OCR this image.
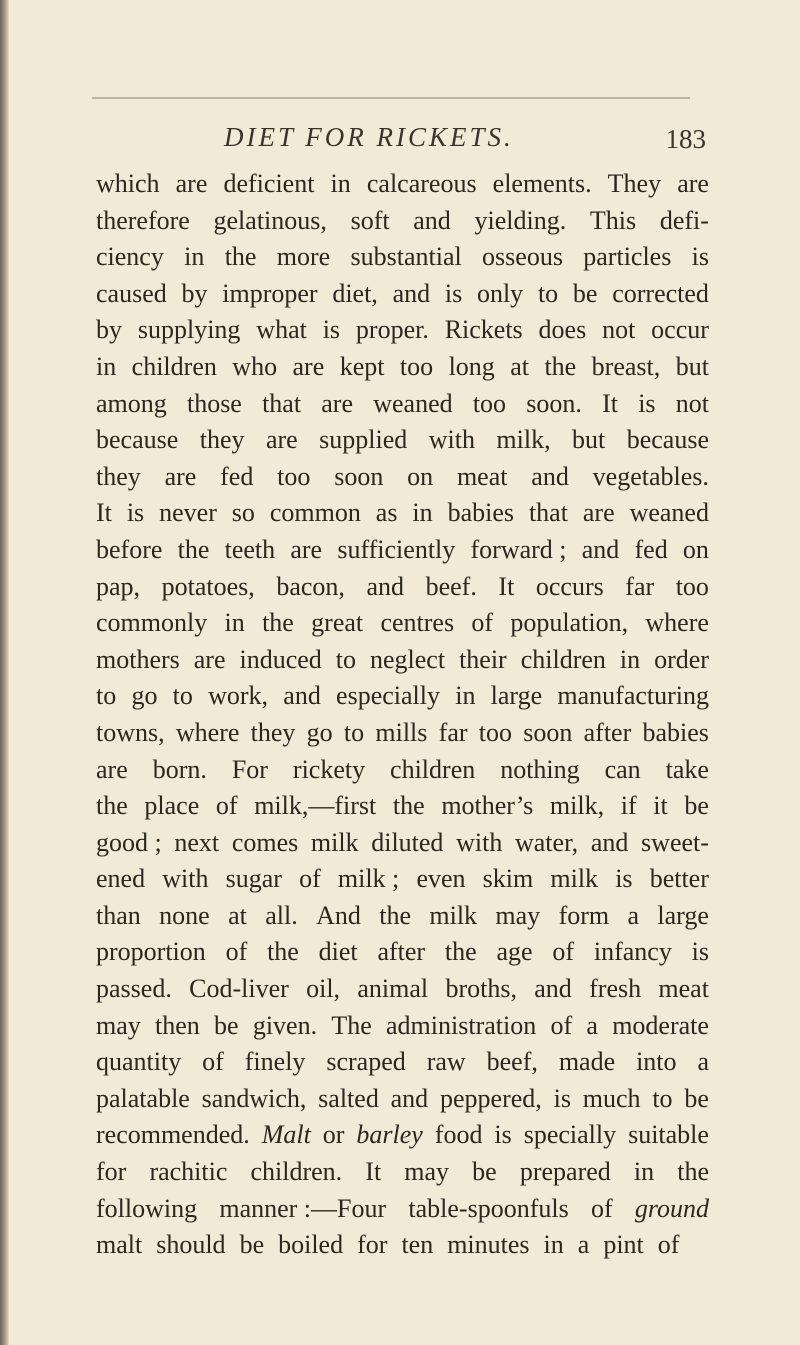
DIET FOR RICKETS.	183
which are deficient in calcareous elements. They are
therefore gelatinous, soft and yielding. This defi-
ciency in the more substantial osseous particles is
caused by improper diet, and is only to be corrected
by supplying what is proper. Rickets does not occur
in children who are kept too long at the breast, but
among those that are weaned too soon. It is not
because they are supplied with milk, but because
they are fed too soon on meat and vegetables.
It is never so common as in babies that are weaned
before the teeth are sufficiently forward ; and fed on
pap, potatoes, bacon, and beef. It occurs far too
commonly in the great centres of population, where
mothers are induced to neglect their children in order
to go to work, and especially in large manufacturing
towns, where they go to mills far too soon after babies
are born. For rickety children nothing can take
the place of milk,—first the mother’s milk, if it be
good ; next comes milk diluted with water, and sweet-
ened with sugar of milk ; even skim milk is better
than none at all. And the milk may form a large
proportion of the diet after the age of infancy is
passed. Cod-liver oil, animal broths, and fresh meat
may then be given. The administration of a moderate
quantity of finely scraped raw beef, made into a
palatable sandwich, salted and peppered, is much to be
recommended. Malt or barley food is specially suitable
for rachitic children. It may be prepared in the
following manner :—Four table-spoonfuls of ground
malt should be boiled for ten minutes in a pint of
